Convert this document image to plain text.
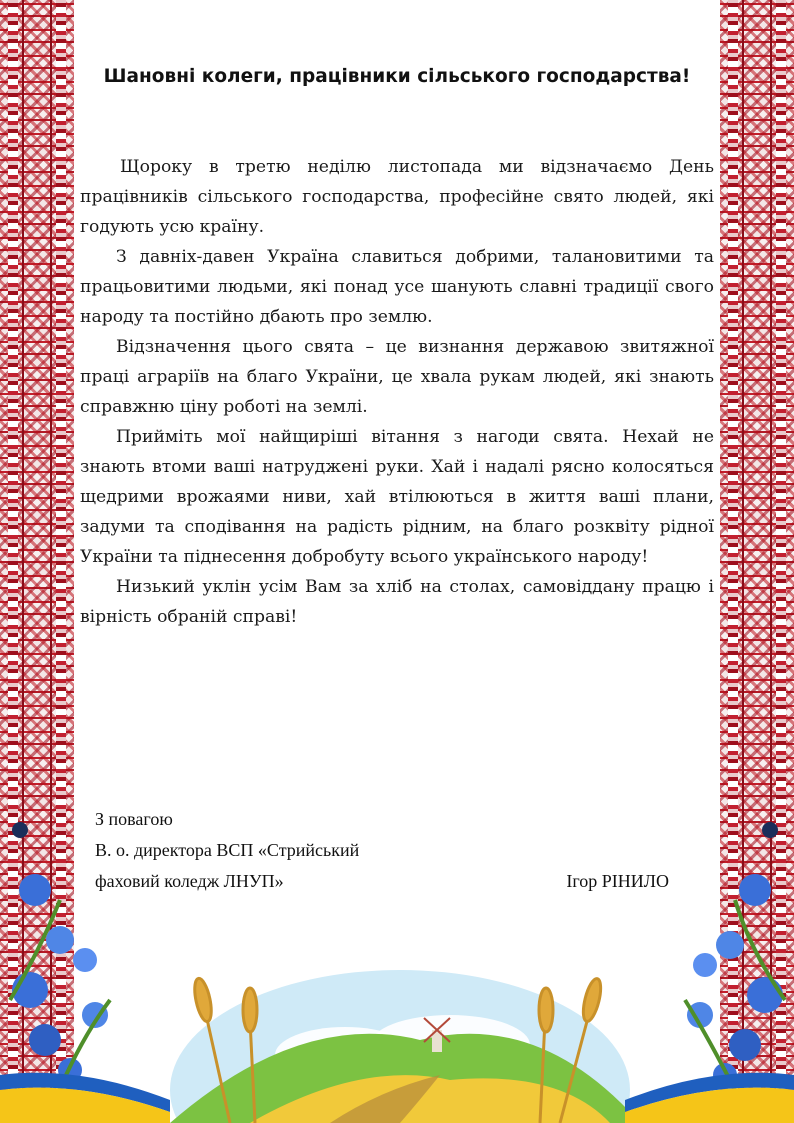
Шановні колеги, працівники сільського господарства!

Щороку в третю неділю листопада ми відзначаємо День працівників сільського господарства, професійне свято людей, які годують усю країну.

З давніх-давен Україна славиться добрими, талановитими та працьовитими людьми, які понад усе шанують славні традиції свого народу та постійно дбають про землю.

Відзначення цього свята – це визнання державою звитяжної праці аграріїв на благо України, це хвала рукам людей, які знають справжню ціну роботі на землі.

Прийміть мої найщиріші вітання з нагоди свята. Нехай не знають втоми ваші натруджені руки. Хай і надалі рясно колосяться щедрими врожаями ниви, хай втілюються в життя ваші плани, задуми та сподівання на радість рідним, на благо розквіту рідної України та піднесення добробуту всього українського народу!

Низький уклін усім Вам за хліб на столах, самовіддану працю і вірність обраній справі!

З повагою
В. о. директора ВСП «Стрийський
фаховий коледж ЛНУП»	Ігор РІНИЛО
